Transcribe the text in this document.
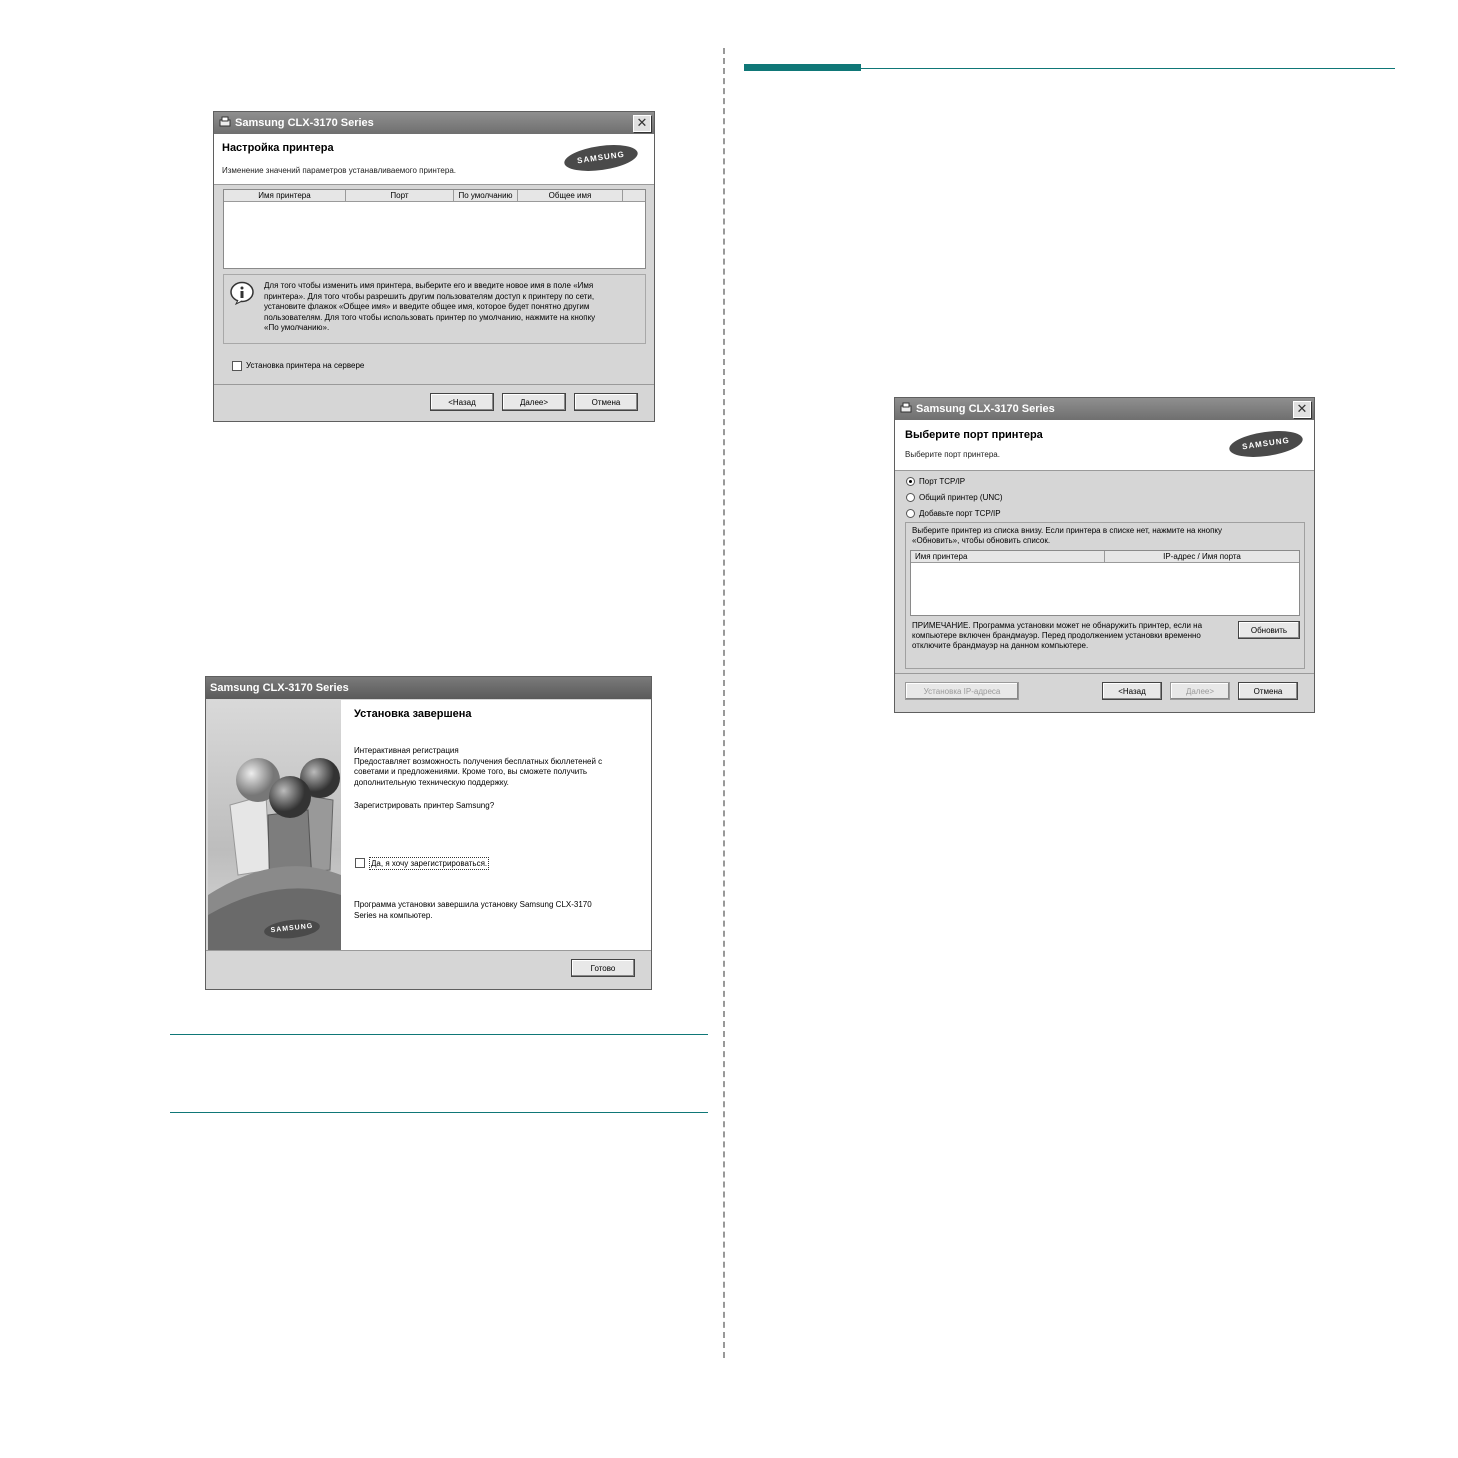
Samsung CLX-3170 Series	✕
Настройка принтера
Изменение значений параметров устанавливаемого принтера.
SAMSUNG
Имя принтера	Порт	По умолчанию	Общее имя
Для того чтобы изменить имя принтера, выберите его и введите новое имя в поле «Имя
принтера». Для того чтобы разрешить другим пользователям доступ к принтеру по сети,
установите флажок «Общее имя» и введите общее имя, которое будет понятно другим
пользователям. Для того чтобы использовать принтер по умолчанию, нажмите на кнопку
«По умолчанию».
Установка принтера на сервере
<Назад	Далее>	Отмена
Samsung CLX-3170 Series
SAMSUNG
Установка завершена
Интерактивная регистрация
Предоставляет возможность получения бесплатных бюллетеней с
советами и предложениями. Кроме того, вы сможете получить
дополнительную техническую поддержку.
Зарегистрировать принтер Samsung?
Да, я хочу зарегистрироваться.
Программа установки завершила установку Samsung CLX-3170
Series на компьютер.
Готово
Samsung CLX-3170 Series	✕
Выберите порт принтера
Выберите порт принтера.
SAMSUNG
Порт TCP/IP
Общий принтер (UNC)
Добавьте порт TCP/IP
Выберите принтер из списка внизу. Если принтера в списке нет, нажмите на кнопку
«Обновить», чтобы обновить список.
Имя принтера	IP-адрес / Имя порта
ПРИМЕЧАНИЕ. Программа установки может не обнаружить принтер, если на
компьютере включен брандмауэр. Перед продолжением установки временно
отключите брандмауэр на данном компьютере.
Обновить
Установка IP-адреса	<Назад	Далее>	Отмена
